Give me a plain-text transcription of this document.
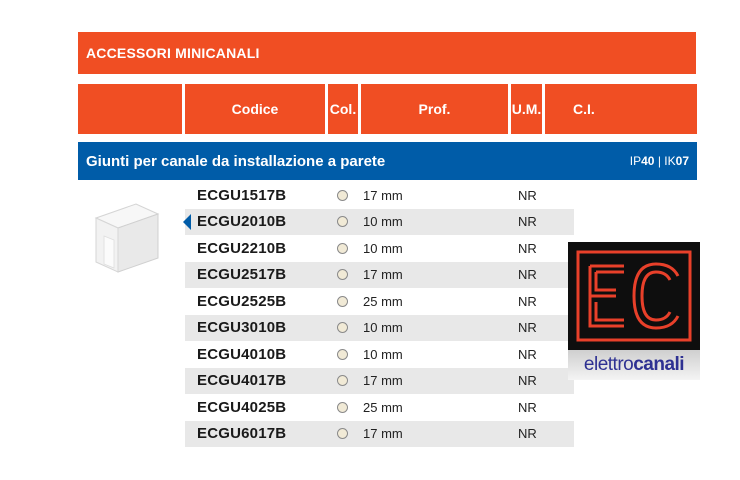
ACCESSORI MINICANALI
Codice	Col.	Prof.	U.M. C.I.
Giunti per canale da installazione a parete	IP40 | IK07
ECGU1517B	17 mm	NR
ECGU2010B	10 mm	NR
ECGU2210B	10 mm	NR
ECGU2517B	17 mm	NR
ECGU2525B	25 mm	NR
ECGU3010B	10 mm	NR
ECGU4010B	10 mm	NR
ECGU4017B	17 mm	NR
ECGU4025B	25 mm	NR
ECGU6017B	17 mm	NR
elettro canali
